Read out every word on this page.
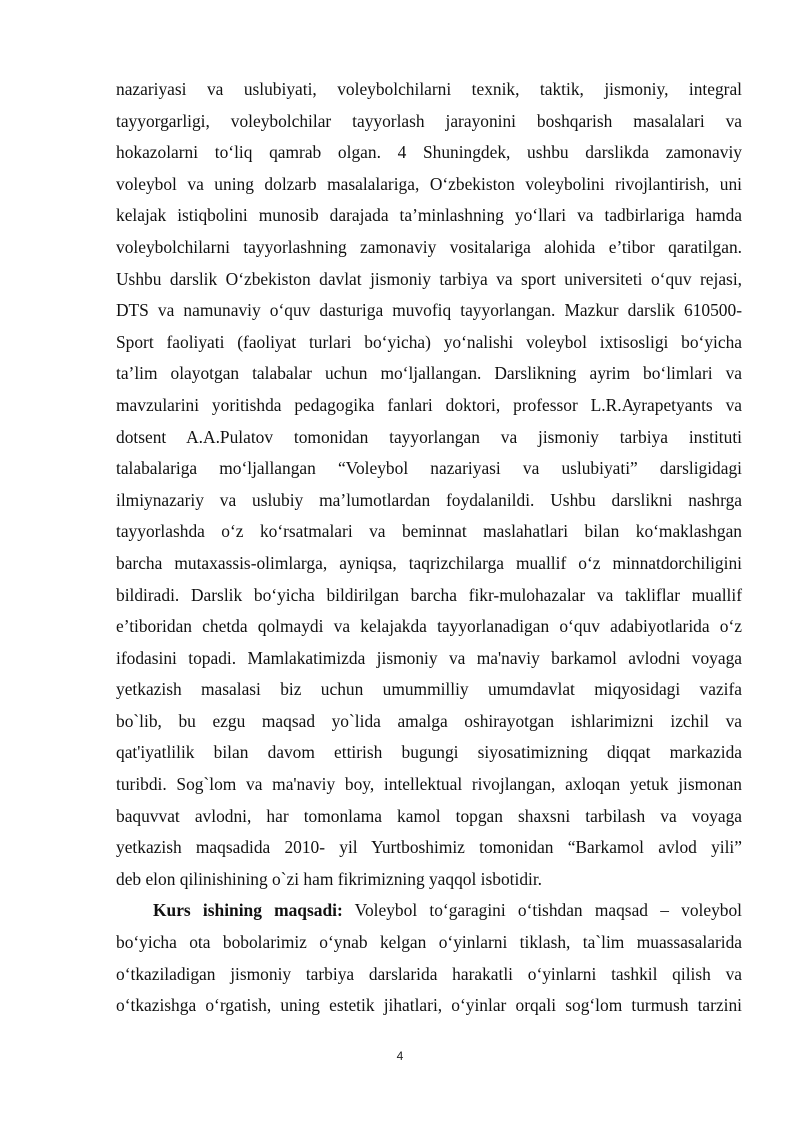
nazariyasi va uslubiyati, voleybolchilarni texnik, taktik, jismoniy, integral
tayyorgarligi, voleybolchilar tayyorlash jarayonini boshqarish masalalari va
hokazolarni to‘liq qamrab olgan. 4 Shuningdek, ushbu darslikda zamonaviy
voleybol va uning dolzarb masalalariga, O‘zbekiston voleybolini rivojlantirish, uni
kelajak istiqbolini munosib darajada ta’minlashning yo‘llari va tadbirlariga hamda
voleybolchilarni tayyorlashning zamonaviy vositalariga alohida e’tibor qaratilgan.
Ushbu darslik O‘zbekiston davlat jismoniy tarbiya va sport universiteti o‘quv rejasi,
DTS va namunaviy o‘quv dasturiga muvofiq tayyorlangan. Mazkur darslik 610500-
Sport faoliyati (faoliyat turlari bo‘yicha) yo‘nalishi voleybol ixtisosligi bo‘yicha
ta’lim olayotgan talabalar uchun mo‘ljallangan. Darslikning ayrim bo‘limlari va
mavzularini yoritishda pedagogika fanlari doktori, professor L.R.Ayrapetyants va
dotsent A.A.Pulatov tomonidan tayyorlangan va jismoniy tarbiya instituti
talabalariga mo‘ljallangan “Voleybol nazariyasi va uslubiyati” darsligidagi
ilmiynazariy va uslubiy ma’lumotlardan foydalanildi. Ushbu darslikni nashrga
tayyorlashda o‘z ko‘rsatmalari va beminnat maslahatlari bilan ko‘maklashgan
barcha mutaxassis-olimlarga, ayniqsa, taqrizchilarga muallif o‘z minnatdorchiligini
bildiradi. Darslik bo‘yicha bildirilgan barcha fikr-mulohazalar va takliflar muallif
e’tiboridan chetda qolmaydi va kelajakda tayyorlanadigan o‘quv adabiyotlarida o‘z
ifodasini topadi. Mamlakatimizda jismoniy va ma'naviy barkamol avlodni voyaga
yetkazish masalasi biz uchun umummilliy umumdavlat miqyosidagi vazifa
bo`lib, bu ezgu maqsad yo`lida amalga oshirayotgan ishlarimizni izchil va
qat'iyatlilik bilan davom ettirish bugungi siyosatimizning diqqat markazida
turibdi. Sog`lom va ma'naviy boy, intellektual rivojlangan, axloqan yetuk jismonan
baquvvat avlodni, har tomonlama kamol topgan shaxsni tarbilash va voyaga
yetkazish maqsadida 2010- yil Yurtboshimiz tomonidan “Barkamol avlod yili”
deb elon qilinishining o`zi ham fikrimizning yaqqol isbotidir.
Kurs ishining maqsadi: Voleybol to‘garagini o‘tishdan maqsad – voleybol
bo‘yicha ota bobolarimiz o‘ynab kelgan o‘yinlarni tiklash, ta`lim muassasalarida
o‘tkaziladigan jismoniy tarbiya darslarida harakatli o‘yinlarni tashkil qilish va
o‘tkazishga o‘rgatish, uning estetik jihatlari, o‘yinlar orqali sog‘lom turmush tarzini
4
